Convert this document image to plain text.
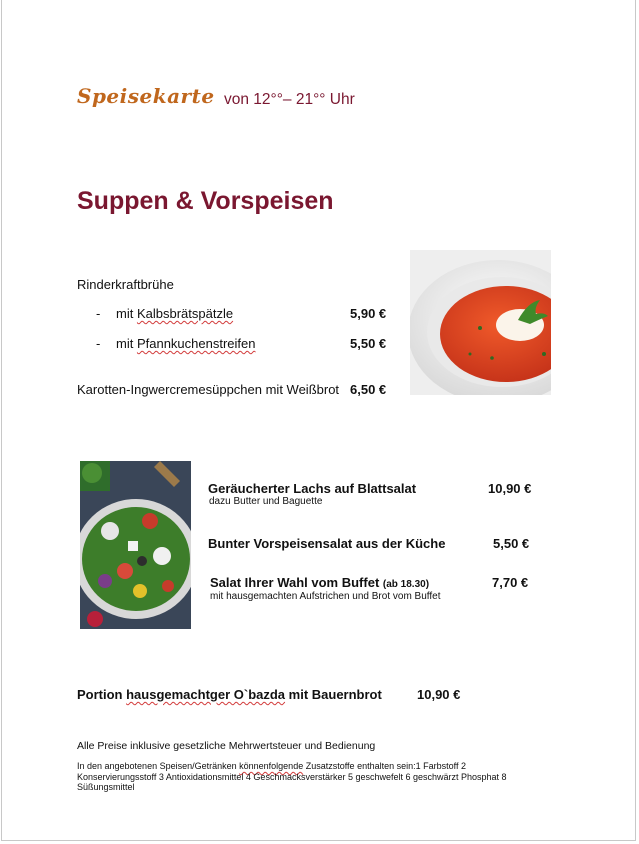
Speisekarte von 12°°– 21°° Uhr
Suppen & Vorspeisen
Rinderkraftbrühe
- mit Kalbsbrätspätzle	5,90 €
- mit Pfannkuchenstreifen	5,50 €
Karotten-Ingwercremesüppchen mit Weißbrot 6,50 €
Geräucherter Lachs auf Blattsalat
dazu Butter und Baguette
10,90 €
Bunter Vorspeisensalat aus der Küche	5,50 €
Salat Ihrer Wahl vom Buffet (ab 18.30)
mit hausgemachten Aufstrichen und Brot vom Buffet
7,70 €
Portion hausgemachtger O`bazda mit Bauernbrot	10,90 €
Alle Preise inklusive gesetzliche Mehrwertsteuer und Bedienung
In den angebotenen Speisen/Getränken könnenfolgende Zusatzstoffe enthalten sein:1 Farbstoff 2 Konservierungsstoff 3 Antioxidationsmittel 4 Geschmacksverstärker 5 geschwefelt 6 geschwärzt Phosphat 8 Süßungsmittel
